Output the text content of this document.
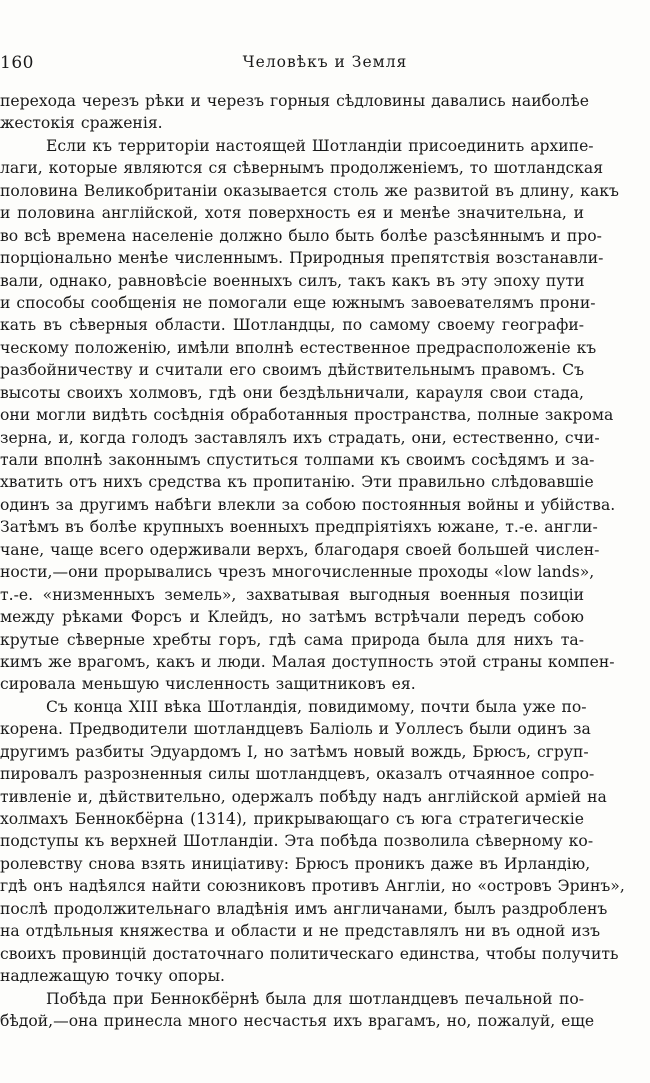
160	Человѣкъ и Земля
перехода черезъ рѣки и черезъ горныя сѣдловины давались наиболѣе
жестокія сраженія.
Если къ территоріи настоящей Шотландіи присоединить архипе-
лаги, которые являются ся сѣвернымъ продолженіемъ, то шотландская
половина Великобританіи оказывается столь же развитой въ длину, какъ
и половина англійской, хотя поверхность ея и менѣе значительна, и
во всѣ времена населеніе должно было быть болѣе разсѣяннымъ и про-
порціонально менѣе численнымъ. Природныя препятствія возстанавли-
вали, однако, равновѣсіе военныхъ силъ, такъ какъ въ эту эпоху пути
и способы сообщенія не помогали еще южнымъ завоевателямъ прони-
кать въ сѣверныя области. Шотландцы, по самому своему географи-
ческому положенію, имѣли вполнѣ естественное предрасположеніе къ
разбойничеству и считали его своимъ дѣйствительнымъ правомъ. Съ
высоты своихъ холмовъ, гдѣ они бездѣльничали, карауля свои стада,
они могли видѣть сосѣднія обработанныя пространства, полные закрома
зерна, и, когда голодъ заставлялъ ихъ страдать, они, естественно, счи-
тали вполнѣ законнымъ спуститься толпами къ своимъ сосѣдямъ и за-
хватить отъ нихъ средства къ пропитанію. Эти правильно слѣдовавшіе
одинъ за другимъ набѣги влекли за собою постоянныя войны и убійства.
Затѣмъ въ болѣе крупныхъ военныхъ предпріятіяхъ южане, т.-е. англи-
чане, чаще всего одерживали верхъ, благодаря своей большей числен-
ности,—они прорывались чрезъ многочисленные проходы «low lands»,
т.-е. «низменныхъ земель», захватывая выгодныя военныя позиціи
между рѣками Форсъ и Клейдъ, но затѣмъ встрѣчали передъ собою
крутые сѣверные хребты горъ, гдѣ сама природа была для нихъ та-
кимъ же врагомъ, какъ и люди. Малая доступность этой страны компен-
сировала меньшую численность защитниковъ ея.
Съ конца XIII вѣка Шотландія, повидимому, почти была уже по-
корена. Предводители шотландцевъ Баліоль и Уоллесъ были одинъ за
другимъ разбиты Эдуардомъ I, но затѣмъ новый вождь, Брюсъ, сгруп-
пировалъ разрозненныя силы шотландцевъ, оказалъ отчаянное сопро-
тивленіе и, дѣйствительно, одержалъ побѣду надъ англійской арміей на
холмахъ Беннокбёрна (1314), прикрывающаго съ юга стратегическіе
подступы къ верхней Шотландіи. Эта побѣда позволила сѣверному ко-
ролевству снова взять иниціативу: Брюсъ проникъ даже въ Ирландію,
гдѣ онъ надѣялся найти союзниковъ противъ Англіи, но «островъ Эринъ»,
послѣ продолжительнаго владѣнія имъ англичанами, былъ раздробленъ
на отдѣльныя княжества и области и не представлялъ ни въ одной изъ
своихъ провинцій достаточнаго политическаго единства, чтобы получить
надлежащую точку опоры.
Побѣда при Беннокбёрнѣ была для шотландцевъ печальной по-
бѣдой,—она принесла много несчастья ихъ врагамъ, но, пожалуй, еще
